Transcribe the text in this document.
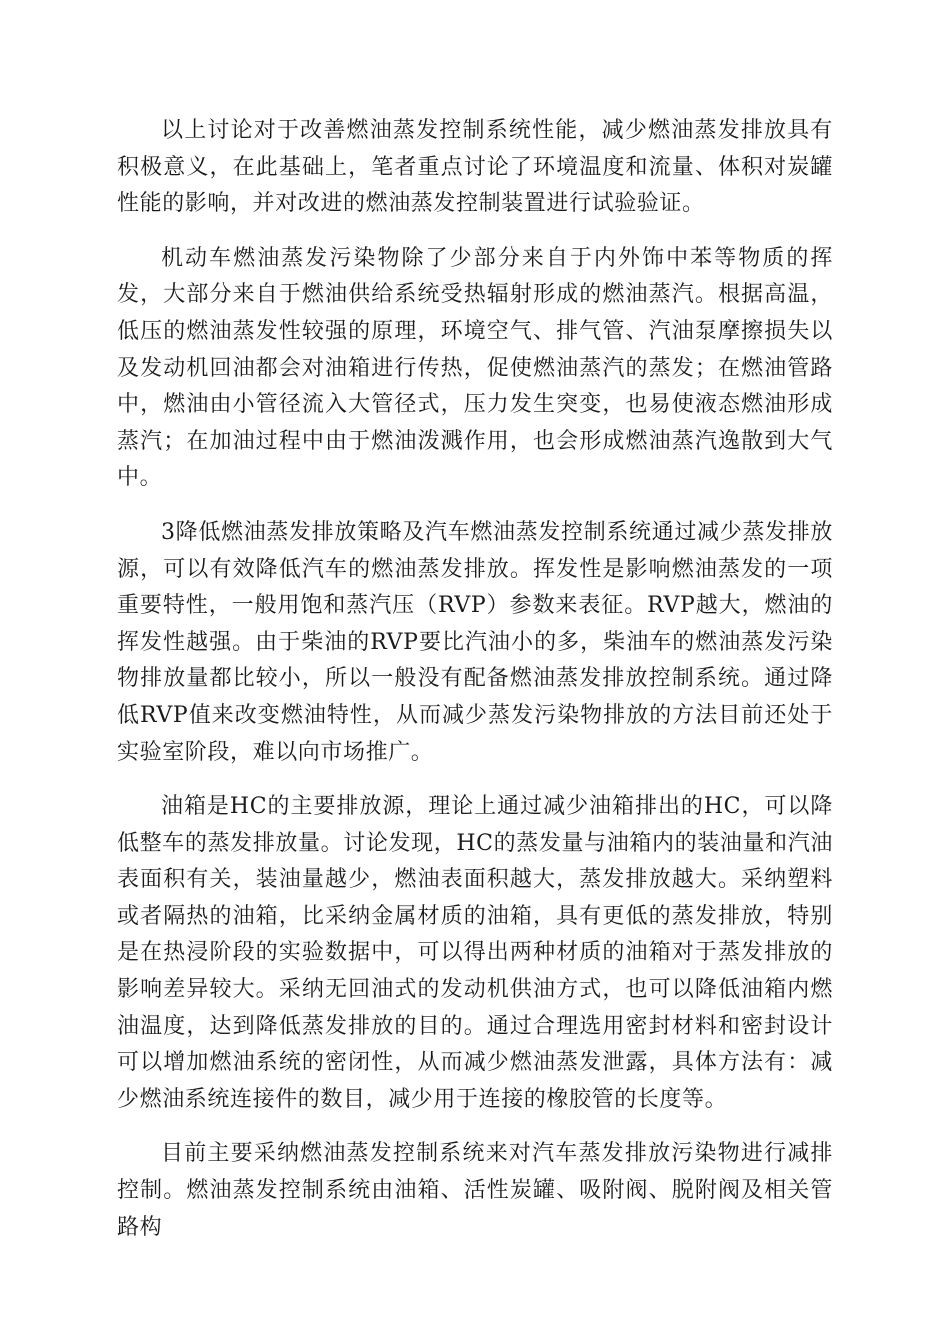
以上讨论对于改善燃油蒸发控制系统性能，减少燃油蒸发排放具有积极意义，在此基础上，笔者重点讨论了环境温度和流量、体积对炭罐性能的影响，并对改进的燃油蒸发控制装置进行试验验证。

机动车燃油蒸发污染物除了少部分来自于内外饰中苯等物质的挥发，大部分来自于燃油供给系统受热辐射形成的燃油蒸汽。根据高温，低压的燃油蒸发性较强的原理，环境空气、排气管、汽油泵摩擦损失以及发动机回油都会对油箱进行传热，促使燃油蒸汽的蒸发；在燃油管路中，燃油由小管径流入大管径式，压力发生突变，也易使液态燃油形成蒸汽；在加油过程中由于燃油泼溅作用，也会形成燃油蒸汽逸散到大气中。

3降低燃油蒸发排放策略及汽车燃油蒸发控制系统通过减少蒸发排放源，可以有效降低汽车的燃油蒸发排放。挥发性是影响燃油蒸发的一项重要特性，一般用饱和蒸汽压（RVP）参数来表征。RVP越大，燃油的挥发性越强。由于柴油的RVP要比汽油小的多，柴油车的燃油蒸发污染物排放量都比较小，所以一般没有配备燃油蒸发排放控制系统。通过降低RVP值来改变燃油特性，从而减少蒸发污染物排放的方法目前还处于实验室阶段，难以向市场推广。

油箱是HC的主要排放源，理论上通过减少油箱排出的HC，可以降低整车的蒸发排放量。讨论发现，HC的蒸发量与油箱内的装油量和汽油表面积有关，装油量越少，燃油表面积越大，蒸发排放越大。采纳塑料或者隔热的油箱，比采纳金属材质的油箱，具有更低的蒸发排放，特别是在热浸阶段的实验数据中，可以得出两种材质的油箱对于蒸发排放的影响差异较大。采纳无回油式的发动机供油方式，也可以降低油箱内燃油温度，达到降低蒸发排放的目的。通过合理选用密封材料和密封设计可以增加燃油系统的密闭性，从而减少燃油蒸发泄露，具体方法有：减少燃油系统连接件的数目，减少用于连接的橡胶管的长度等。

目前主要采纳燃油蒸发控制系统来对汽车蒸发排放污染物进行减排控制。燃油蒸发控制系统由油箱、活性炭罐、吸附阀、脱附阀及相关管路构
